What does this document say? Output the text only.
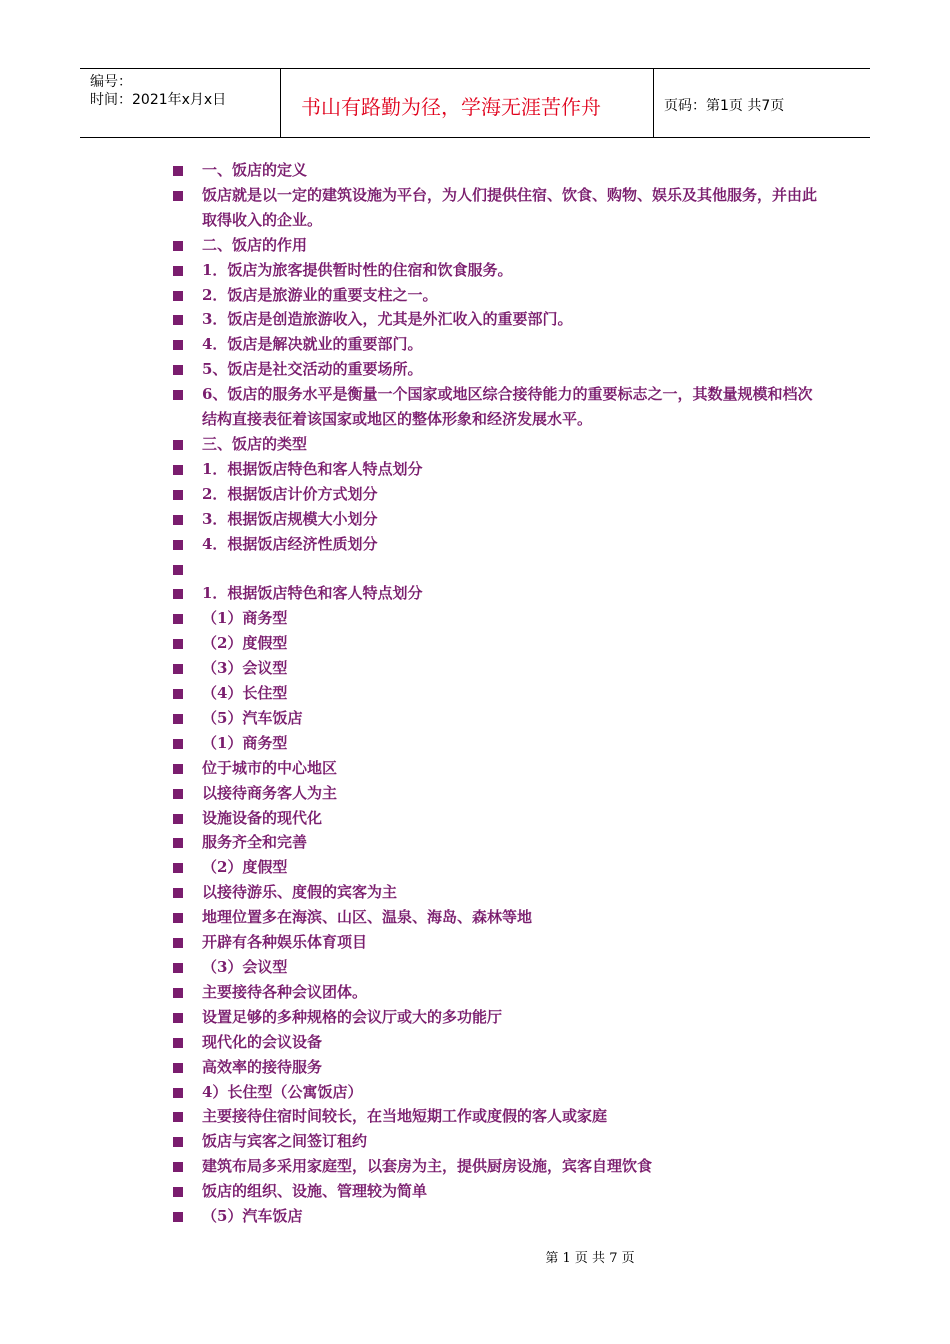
编号：
时间：2021年x月x日	书山有路勤为径，学海无涯苦作舟	页码：第1页 共7页
一、饭店的定义
饭店就是以一定的建筑设施为平台，为人们提供住宿、饮食、购物、娱乐及其他服务，并由此取得收入的企业。
二、饭店的作用
1．饭店为旅客提供暂时性的住宿和饮食服务。
2．饭店是旅游业的重要支柱之一。
3．饭店是创造旅游收入，尤其是外汇收入的重要部门。
4．饭店是解决就业的重要部门。
5、饭店是社交活动的重要场所。
6、饭店的服务水平是衡量一个国家或地区综合接待能力的重要标志之一，其数量规模和档次结构直接表征着该国家或地区的整体形象和经济发展水平。
三、饭店的类型
1．根据饭店特色和客人特点划分
2．根据饭店计价方式划分
3．根据饭店规模大小划分
4．根据饭店经济性质划分
1．根据饭店特色和客人特点划分
（1）商务型
（2）度假型
（3）会议型
（4）长住型
（5）汽车饭店
（1）商务型
位于城市的中心地区
以接待商务客人为主
设施设备的现代化
服务齐全和完善
（2）度假型
以接待游乐、度假的宾客为主
地理位置多在海滨、山区、温泉、海岛、森林等地
开辟有各种娱乐体育项目
（3）会议型
主要接待各种会议团体。
设置足够的多种规格的会议厅或大的多功能厅
现代化的会议设备
高效率的接待服务
4）长住型（公寓饭店）
主要接待住宿时间较长，在当地短期工作或度假的客人或家庭
饭店与宾客之间签订租约
建筑布局多采用家庭型，以套房为主，提供厨房设施，宾客自理饮食
饭店的组织、设施、管理较为简单
（5）汽车饭店
第 1 页 共 7 页
